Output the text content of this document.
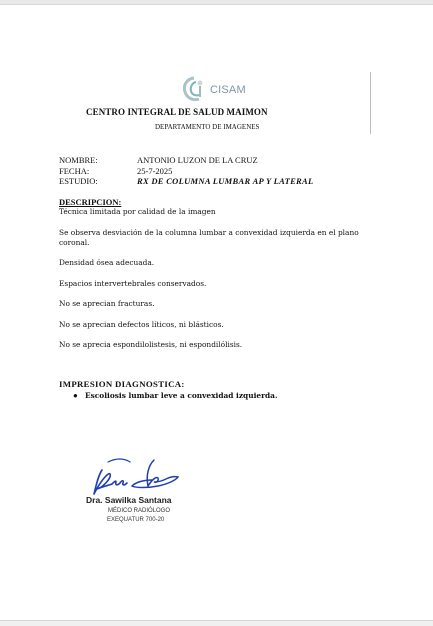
CISAM
CENTRO INTEGRAL DE SALUD MAIMON
DEPARTAMENTO DE IMAGENES
NOMBRE:	ANTONIO LUZON DE LA CRUZ
FECHA:	25-7-2025
ESTUDIO:	RX DE COLUMNA LUMBAR AP Y LATERAL
DESCRIPCION:
Técnica limitada por calidad de la imagen
Se observa desviación de la columna lumbar a convexidad izquierda en el plano coronal.
Densidad ósea adecuada.
Espacios intervertebrales conservados.
No se aprecian fracturas.
No se aprecian defectos líticos, ni blásticos.
No se aprecia espondilolistesis, ni espondilólisis.
IMPRESION DIAGNOSTICA:
● Escoliosis lumbar leve a convexidad izquierda.
Dra. Sawilka Santana
MÉDICO RADIÓLOGO
EXEQUATUR 700-20
